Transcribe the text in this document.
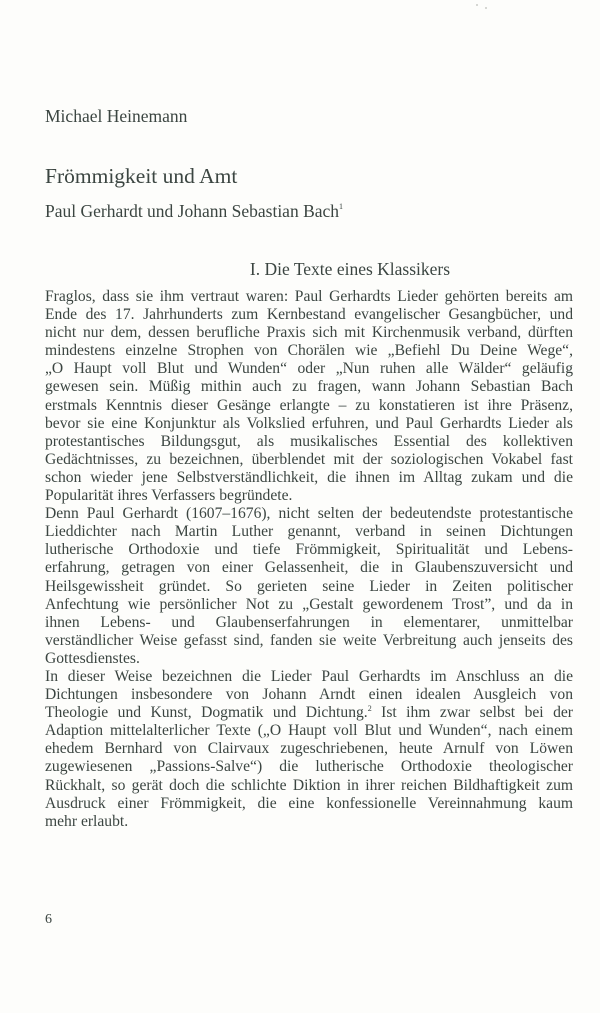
Michael Heinemann
Frömmigkeit und Amt
Paul Gerhardt und Johann Sebastian Bach$^1$
I. Die Texte eines Klassikers
Fraglos, dass sie ihm vertraut waren: Paul Gerhardts Lieder gehörten bereits am
Ende des 17. Jahrhunderts zum Kernbestand evangelischer Gesangbücher, und
nicht nur dem, dessen berufliche Praxis sich mit Kirchenmusik verband, dürften
mindestens einzelne Strophen von Chorälen wie „Befiehl Du Deine Wege“,
„O Haupt voll Blut und Wunden“ oder „Nun ruhen alle Wälder“ geläufig
gewesen sein. Müßig mithin auch zu fragen, wann Johann Sebastian Bach
erstmals Kenntnis dieser Gesänge erlangte – zu konstatieren ist ihre Präsenz,
bevor sie eine Konjunktur als Volkslied erfuhren, und Paul Gerhardts Lieder als
protestantisches Bildungsgut, als musikalisches Essential des kollektiven
Gedächtnisses, zu bezeichnen, überblendet mit der soziologischen Vokabel fast
schon wieder jene Selbstverständlichkeit, die ihnen im Alltag zukam und die
Popularität ihres Verfassers begründete.
Denn Paul Gerhardt (1607–1676), nicht selten der bedeutendste protestantische
Lieddichter nach Martin Luther genannt, verband in seinen Dichtungen
lutherische Orthodoxie und tiefe Frömmigkeit, Spiritualität und Lebens-
erfahrung, getragen von einer Gelassenheit, die in Glaubenszuversicht und
Heilsgewissheit gründet. So gerieten seine Lieder in Zeiten politischer
Anfechtung wie persönlicher Not zu „Gestalt gewordenem Trost”, und da in
ihnen Lebens- und Glaubenserfahrungen in elementarer, unmittelbar
verständlicher Weise gefasst sind, fanden sie weite Verbreitung auch jenseits des
Gottesdienstes.
In dieser Weise bezeichnen die Lieder Paul Gerhardts im Anschluss an die
Dichtungen insbesondere von Johann Arndt einen idealen Ausgleich von
Theologie und Kunst, Dogmatik und Dichtung.$^2$ Ist ihm zwar selbst bei der
Adaption mittelalterlicher Texte („O Haupt voll Blut und Wunden“, nach einem
ehedem Bernhard von Clairvaux zugeschriebenen, heute Arnulf von Löwen
zugewiesenen „Passions-Salve“) die lutherische Orthodoxie theologischer
Rückhalt, so gerät doch die schlichte Diktion in ihrer reichen Bildhaftigkeit zum
Ausdruck einer Frömmigkeit, die eine konfessionelle Vereinnahmung kaum
mehr erlaubt.
6
